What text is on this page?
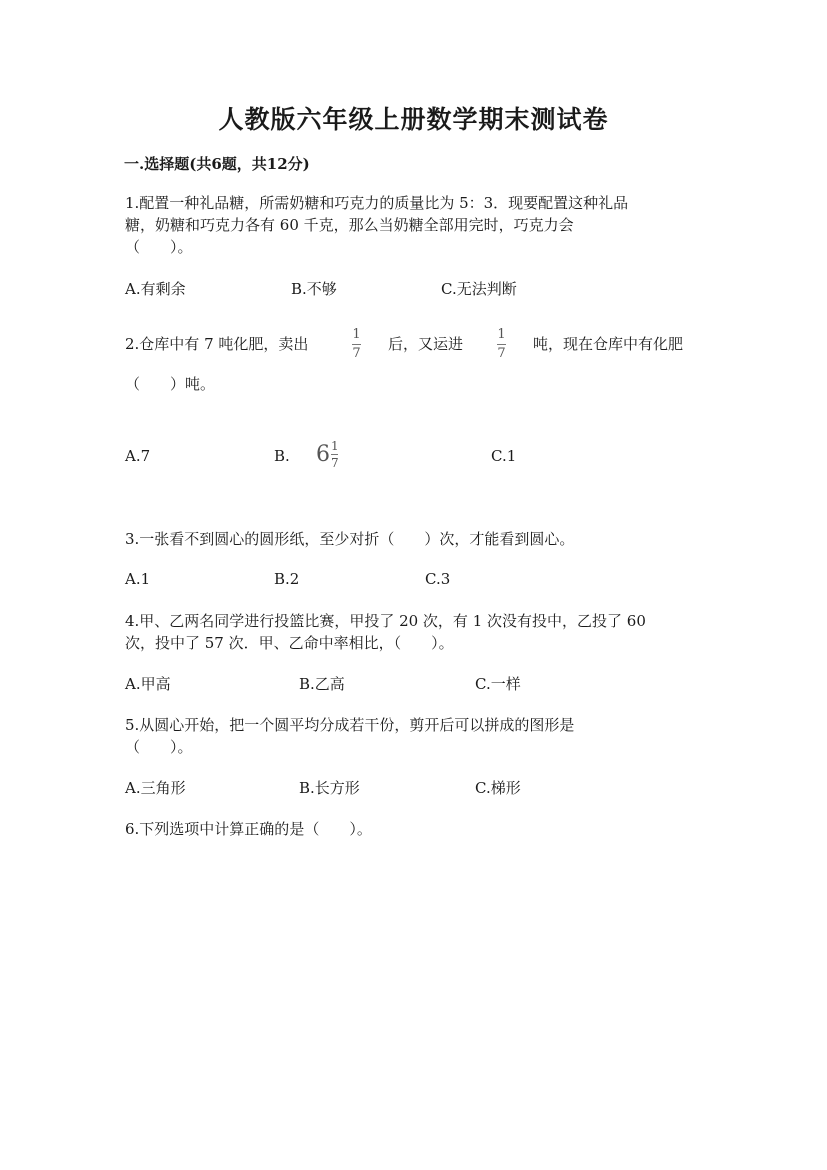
人教版六年级上册数学期末测试卷
一.选择题(共6题，共12分)
1.配置一种礼品糖，所需奶糖和巧克力的质量比为 5：3．现要配置这种礼品
糖，奶糖和巧克力各有 60 千克，那么当奶糖全部用完时，巧克力会
（　　）。
A.有剩余	B.不够	C.无法判断
2.仓库中有 7 吨化肥，卖出
1
7
后，又运进
1
7
吨，现在仓库中有化肥
（　　）吨。
A.7	B. $6 \frac{1}{7}$	C.1
3.一张看不到圆心的圆形纸，至少对折（　　）次，才能看到圆心。
A.1	B.2	C.3
4.甲、乙两名同学进行投篮比赛，甲投了 20 次，有 1 次没有投中，乙投了 60
次，投中了 57 次．甲、乙命中率相比，（　　）。
A.甲高	B.乙高	C.一样
5.从圆心开始，把一个圆平均分成若干份，剪开后可以拼成的图形是
（　　）。
A.三角形	B.长方形	C.梯形
6.下列选项中计算正确的是（　　）。
